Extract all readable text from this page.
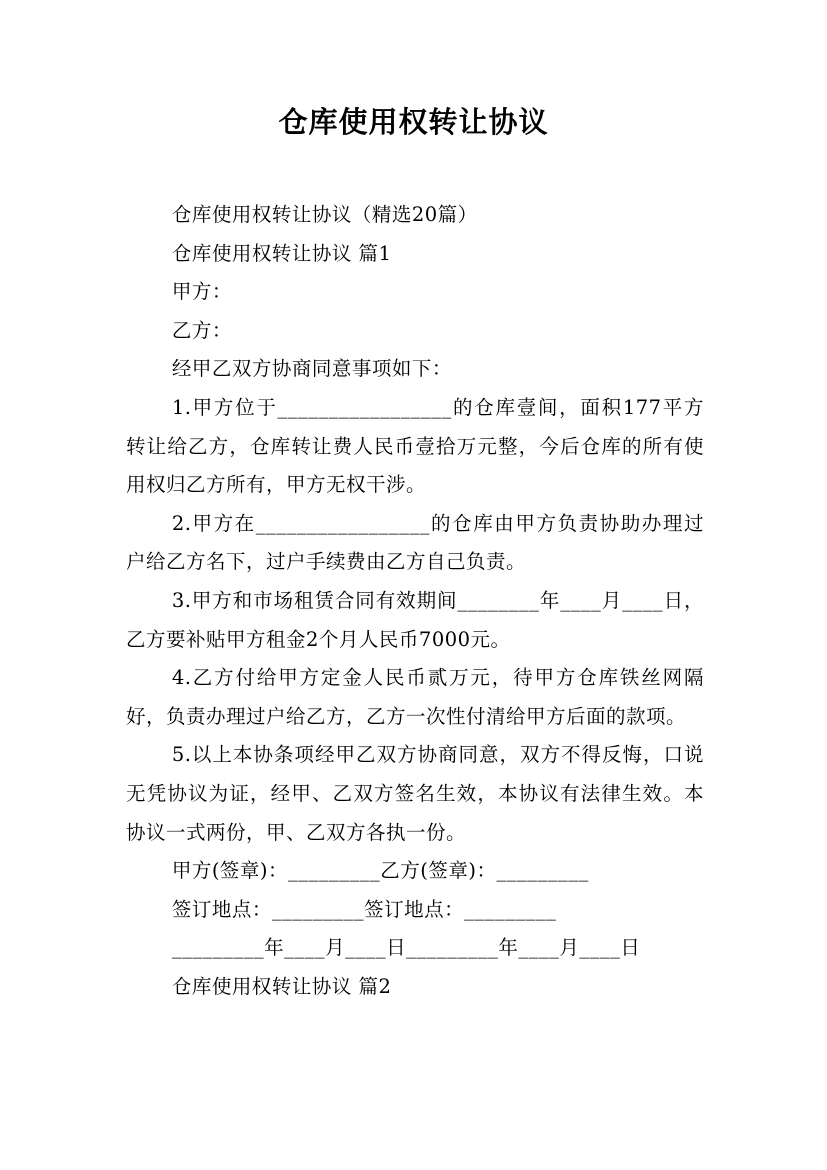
仓库使用权转让协议

仓库使用权转让协议（精选20篇）

仓库使用权转让协议 篇1

甲方：

乙方：

经甲乙双方协商同意事项如下：

1.甲方位于_________________的仓库壹间，面积177平方转让给乙方，仓库转让费人民币壹拾万元整，今后仓库的所有使用权归乙方所有，甲方无权干涉。

2.甲方在_________________的仓库由甲方负责协助办理过户给乙方名下，过户手续费由乙方自己负责。

3.甲方和市场租赁合同有效期间________年____月____日，乙方要补贴甲方租金2个月人民币7000元。

4.乙方付给甲方定金人民币贰万元，待甲方仓库铁丝网隔好，负责办理过户给乙方，乙方一次性付清给甲方后面的款项。

5.以上本协条项经甲乙双方协商同意，双方不得反悔，口说无凭协议为证，经甲、乙双方签名生效，本协议有法律生效。本协议一式两份，甲、乙双方各执一份。

甲方(签章)：_________乙方(签章)：_________

签订地点：_________签订地点：_________

_________年____月____日_________年____月____日

仓库使用权转让协议 篇2
